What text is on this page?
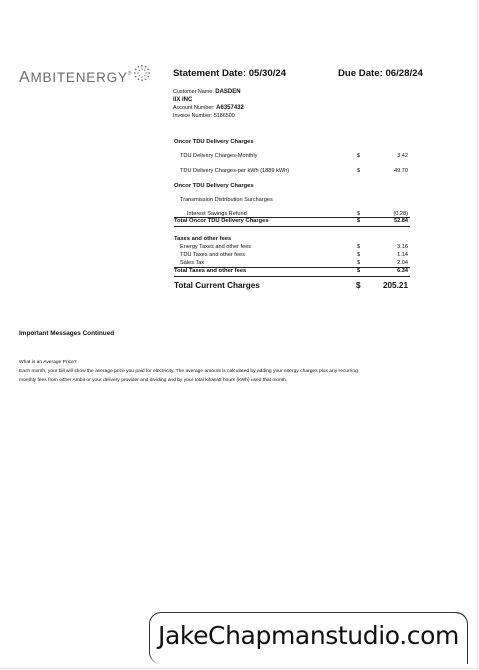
AMBITENERGY ®	Statement Date: 05/30/24	Due Date: 06/28/24
Customer Name: DASDEN
llX INC
Account Number: A6357432
Invoice Number: 5186509
Oncor TDU Delivery Charges
TDU Delivery Charges-Monthly	$	3.42
TDU Delivery Charges-per kWh (1889 kWh)	$	49.70
Oncor TDU Delivery Charges
Transmission Distribution Surcharges
Interest Savings Refund	$	(0.28)
Total Oncor TDU Delivery Charges	$	52.84
Taxes and other fees
Energy Taxes and other fees	$	3.16
TDU Taxes and other fees	$	1.14
Sales Tax	$	2.04
Total Taxes and other fees	$	6.34
Total Current Charges	$	205.21
Important Messages Continued
What is an Average Price?
Each month, your bill will show the average price you paid for electricity. The average amount is calculated by adding your energy charges plus any recurring
monthly fees from either Ambit or your delivery provider and dividing and by your total kilowatt hours (kWh) used that month.
JakeChapmanstudio.com
